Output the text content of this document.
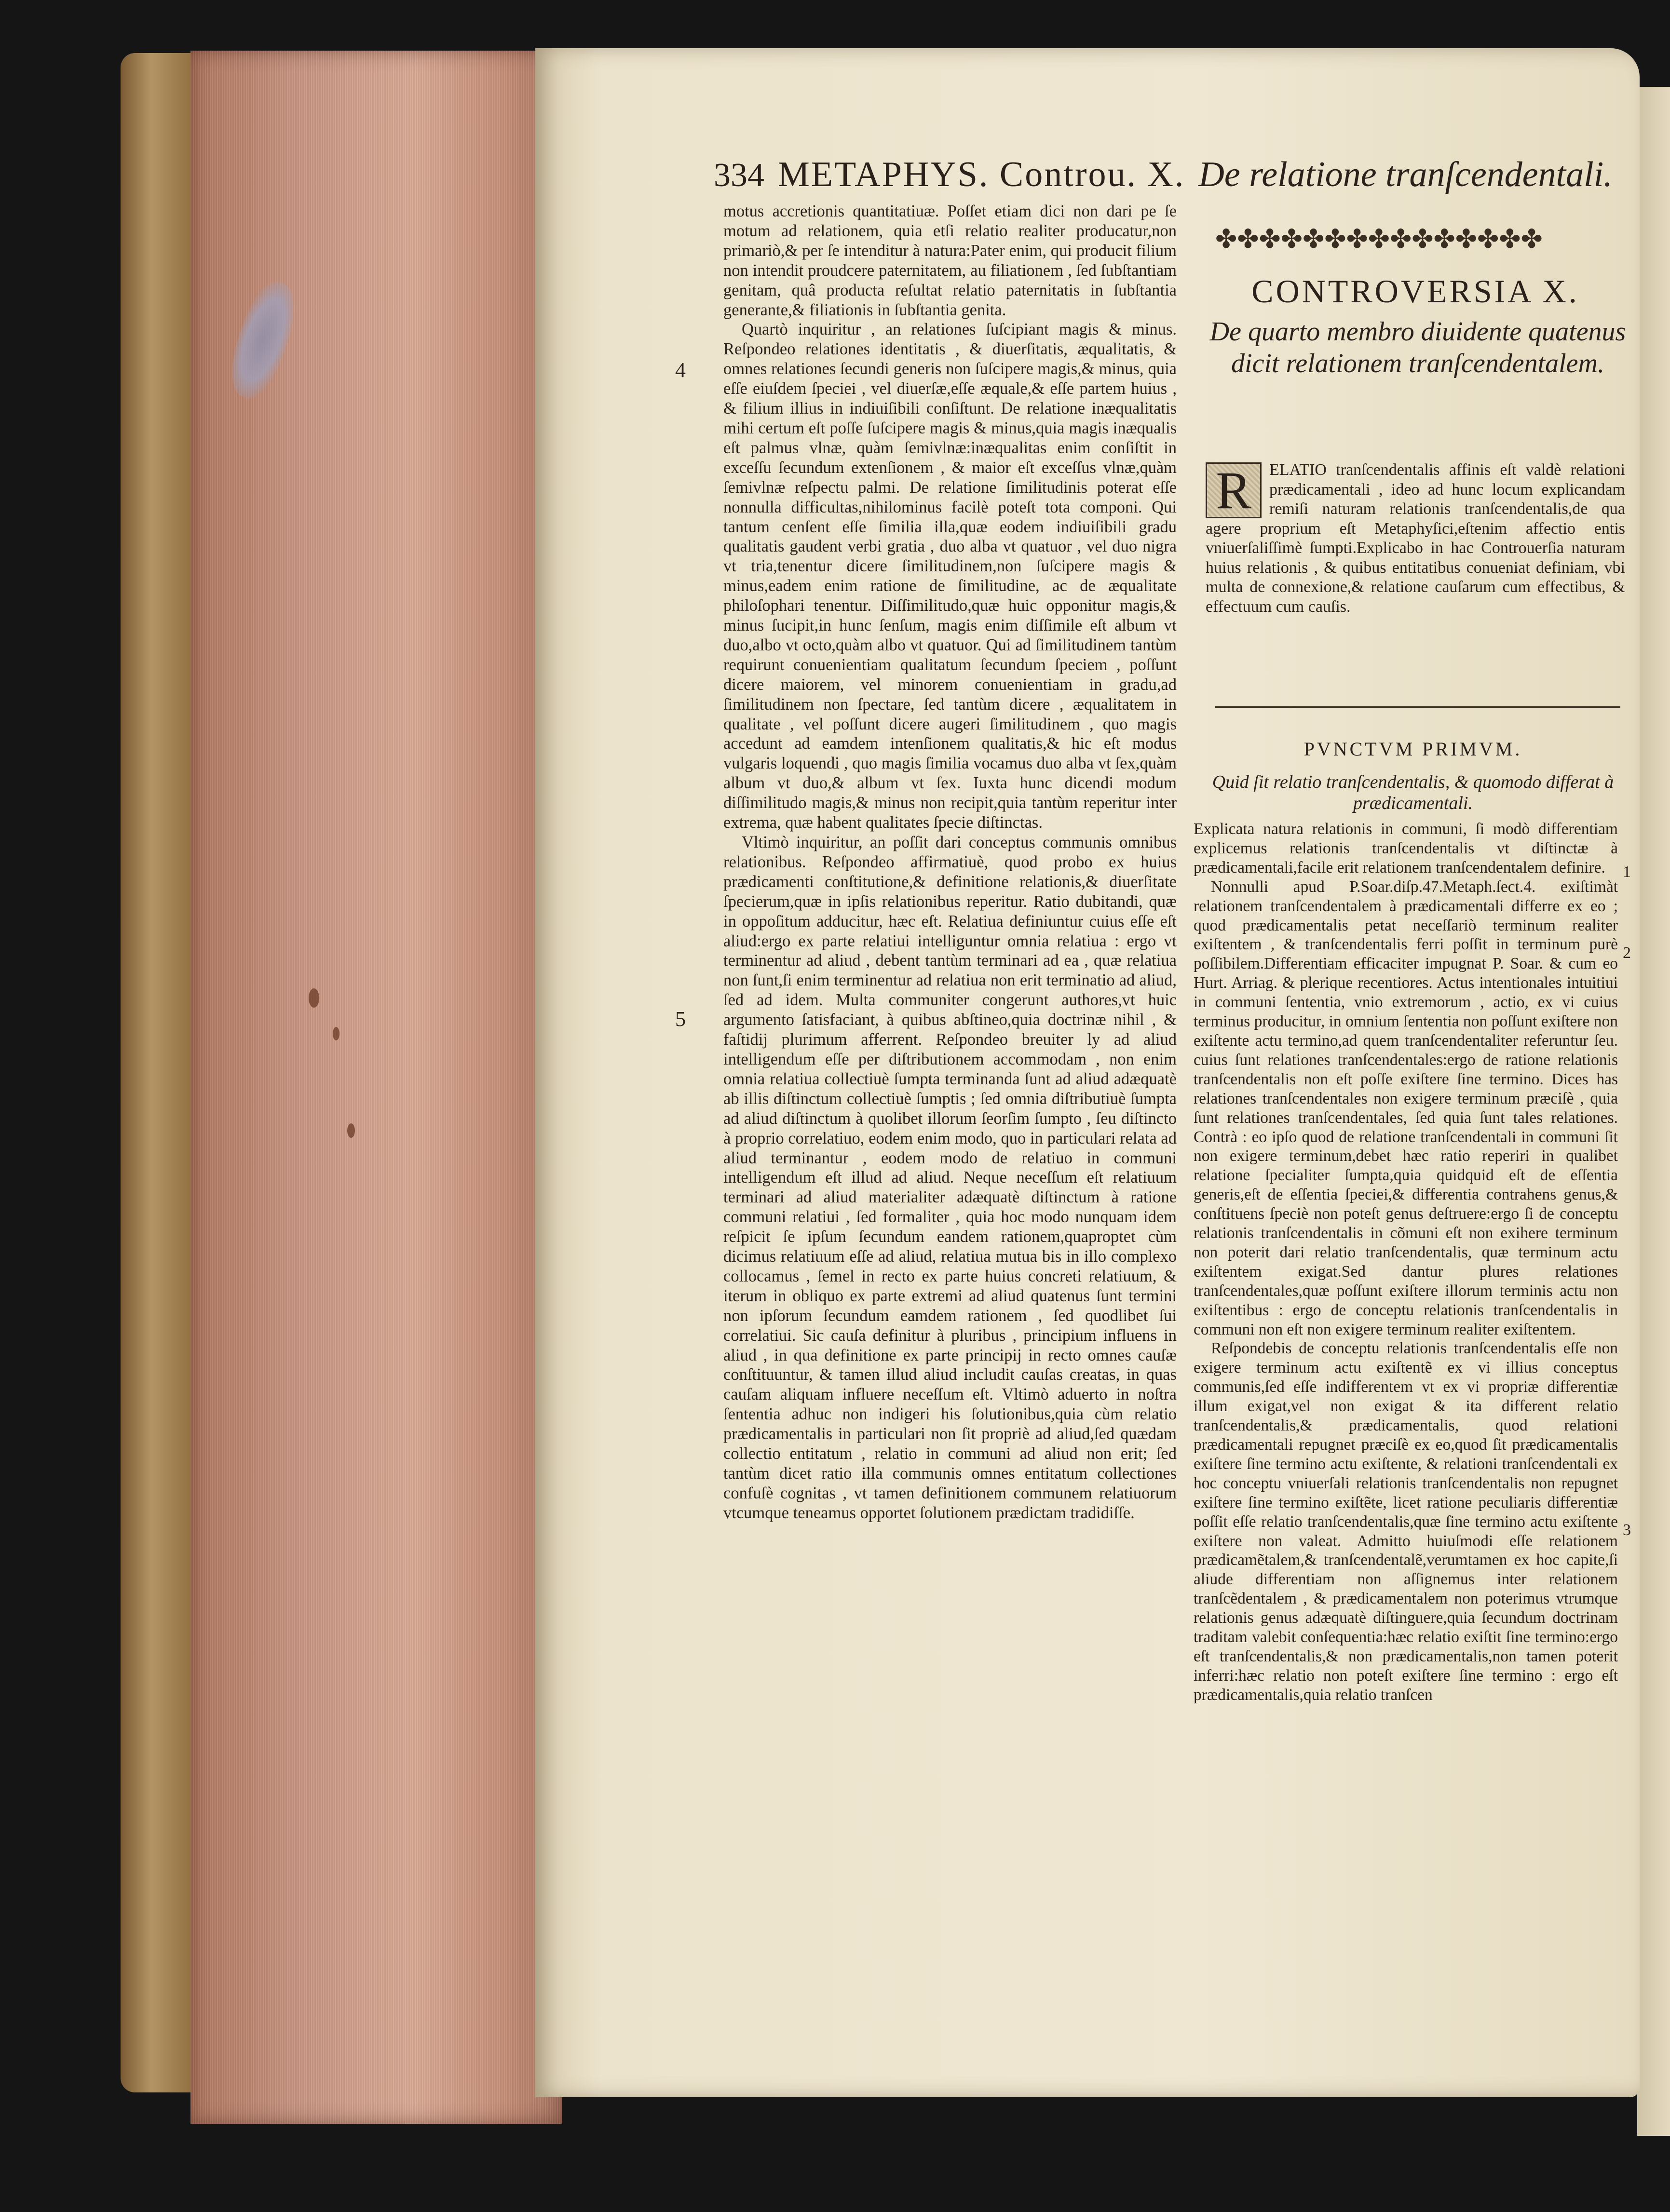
334 METAPHYS. Controu. X. De relatione tranſcendentali.

motus accretionis quantitatiuæ. Poſſet etiam dici non dari pe ſe motum ad relationem, quia etſi relatio realiter producatur,non primariò,& per ſe intenditur à natura:Pater enim, qui producit filium non intendit proudcere paternitatem, au filiationem , ſed ſubſtantiam genitam, quâ producta reſultat relatio paternitatis in ſubſtantia generante,& filiationis in ſubſtantia genita.

Quartò inquiritur , an relationes ſuſcipiant magis & minus. Reſpondeo relationes identitatis , & diuerſitatis, æqualitatis, & omnes relationes ſecundi generis non ſuſcipere magis,& minus, quia eſſe eiuſdem ſpeciei , vel diuerſæ,eſſe æquale,& eſſe partem huius , & filium illius in indiuiſibili conſiſtunt. De relatione inæqualitatis mihi certum eſt poſſe ſuſcipere magis & minus,quia magis inæqualis eſt palmus vlnæ, quàm ſemivlnæ:inæqualitas enim conſiſtit in exceſſu ſecundum extenſionem , & maior eſt exceſſus vlnæ,quàm ſemivlnæ reſpectu palmi. De relatione ſimilitudinis poterat eſſe nonnulla difficultas,nihilominus facilè poteſt tota componi. Qui tantum cenſent eſſe ſimilia illa,quæ eodem indiuiſibili gradu qualitatis gaudent verbi gratia , duo alba vt quatuor , vel duo nigra vt tria,tenentur dicere ſimilitudinem,non ſuſcipere magis & minus,eadem enim ratione de ſimilitudine, ac de æqualitate philoſophari tenentur. Diſſimilitudo,quæ huic opponitur magis,& minus ſucipit,in hunc ſenſum, magis enim diſſimile eſt album vt duo,albo vt octo,quàm albo vt quatuor. Qui ad ſimilitudinem tantùm requirunt conuenientiam qualitatum ſecundum ſpeciem , poſſunt dicere maiorem, vel minorem conuenientiam in gradu,ad ſimilitudinem non ſpectare, ſed tantùm dicere , æqualitatem in qualitate , vel poſſunt dicere augeri ſimilitudinem , quo magis accedunt ad eamdem intenſionem qualitatis,& hic eſt modus vulgaris loquendi , quo magis ſimilia vocamus duo alba vt ſex,quàm album vt duo,& album vt ſex. Iuxta hunc dicendi modum diſſimilitudo magis,& minus non recipit,quia tantùm reperitur inter extrema, quæ habent qualitates ſpecie diſtinctas.

Vltimò inquiritur, an poſſit dari conceptus communis omnibus relationibus. Reſpondeo affirmatiuè, quod probo ex huius prædicamenti conſtitutione,& definitione relationis,& diuerſitate ſpecierum,quæ in ipſis relationibus reperitur. Ratio dubitandi, quæ in oppoſitum adducitur, hæc eſt. Relatiua definiuntur cuius eſſe eſt aliud:ergo ex parte relatiui intelliguntur omnia relatiua : ergo vt terminentur ad aliud , debent tantùm terminari ad ea , quæ relatiua non ſunt,ſi enim terminentur ad relatiua non erit terminatio ad aliud, ſed ad idem. Multa communiter congerunt authores,vt huic argumento ſatisfaciant, à quibus abſtineo,quia doctrinæ nihil , & faſtidij plurimum afferrent. Reſpondeo breuiter ly ad aliud intelligendum eſſe per diſtributionem accommodam , non enim omnia relatiua collectiuè ſumpta terminanda ſunt ad aliud adæquatè ab illis diſtinctum collectiuè ſumptis ; ſed omnia diſtributiuè ſumpta ad aliud diſtinctum à quolibet illorum ſeorſim ſumpto , ſeu diſtincto à proprio correlatiuo, eodem enim modo, quo in particulari relata ad aliud terminantur , eodem modo de relatiuo in communi intelligendum eſt illud ad aliud. Neque neceſſum eſt relatiuum terminari ad aliud materialiter adæquatè diſtinctum à ratione communi relatiui , ſed formaliter , quia hoc modo nunquam idem reſpicit ſe ipſum ſecundum eandem rationem,quaproptet cùm dicimus relatiuum eſſe ad aliud, relatiua mutua bis in illo complexo collocamus , ſemel in recto ex parte huius concreti relatiuum, & iterum in obliquo ex parte extremi ad aliud quatenus ſunt termini non ipſorum ſecundum eamdem rationem , ſed quodlibet ſui correlatiui. Sic cauſa definitur à pluribus , principium influens in aliud , in qua definitione ex parte principij in recto omnes cauſæ conſtituuntur, & tamen illud aliud includit cauſas creatas, in quas cauſam aliquam influere neceſſum eſt. Vltimò aduerto in noſtra ſententia adhuc non indigeri his ſolutionibus,quia cùm relatio prædicamentalis in particulari non ſit propriè ad aliud,ſed quædam collectio entitatum , relatio in communi ad aliud non erit; ſed tantùm dicet ratio illa communis omnes entitatum collectiones confuſè cognitas , vt tamen definitionem communem relatiuorum vtcumque teneamus opportet ſolutionem prædictam tradidiſſe.

4
5
✤✤✤✤✤✤✤✤✤✤✤✤✤✤✤
CONTROVERSIA X.
De quarto membro diuidente quatenus dicit relationem tranſcendentalem.
R	ELATIO tranſcendentalis affinis eſt valdè relationi prædicamentali , ideo ad hunc locum explicandam remiſi naturam relationis tranſcendentalis,de qua agere proprium eſt Metaphyſici,eſtenim affectio entis vniuerſaliſſimè ſumpti.Explicabo in hac Controuerſia naturam huius relationis , & quibus entitatibus conueniat definiam, vbi multa de connexione,& relatione cauſarum cum effectibus, & effectuum cum cauſis.
PVNCTVM PRIMVM.
Quid ſit relatio tranſcendentalis, & quomodo differat à prædicamentali.

Explicata natura relationis in communi, ſi modò differentiam explicemus relationis tranſcendentalis vt diſtinctæ à prædicamentali,facile erit relationem tranſcendentalem definire.

Nonnulli apud P.Soar.diſp.47.Metaph.ſect.4. exiſtimàt relationem tranſcendentalem à prædicamentali differre ex eo ; quod prædicamentalis petat neceſſariò terminum realiter exiſtentem , & tranſcendentalis ferri poſſit in terminum purè poſſibilem.Differentiam efficaciter impugnat P. Soar. & cum eo Hurt. Arriag. & plerique recentiores. Actus intentionales intuitiui in communi ſententia, vnio extremorum , actio, ex vi cuius terminus producitur, in omnium ſententia non poſſunt exiſtere non exiſtente actu termino,ad quem tranſcendentaliter referuntur ſeu. cuius ſunt relationes tranſcendentales:ergo de ratione relationis tranſcendentalis non eſt poſſe exiſtere ſine termino. Dices has relationes tranſcendentales non exigere terminum præciſè , quia ſunt relationes tranſcendentales, ſed quia ſunt tales relationes. Contrà : eo ipſo quod de relatione tranſcendentali in communi ſit non exigere terminum,debet hæc ratio reperiri in qualibet relatione ſpecialiter ſumpta,quia quidquid eſt de eſſentia generis,eſt de eſſentia ſpeciei,& differentia contrahens genus,& conſtituens ſpeciè non poteſt genus deſtruere:ergo ſi de conceptu relationis tranſcendentalis in cõmuni eſt non exihere terminum non poterit dari relatio tranſcendentalis, quæ terminum actu exiſtentem exigat.Sed dantur plures relationes tranſcendentales,quæ poſſunt exiſtere illorum terminis actu non exiſtentibus : ergo de conceptu relationis tranſcendentalis in communi non eſt non exigere terminum realiter exiſtentem.

Reſpondebis de conceptu relationis tranſcendentalis eſſe non exigere terminum actu exiſtentẽ ex vi illius conceptus communis,ſed eſſe indifferentem vt ex vi propriæ differentiæ illum exigat,vel non exigat & ita different relatio tranſcendentalis,& prædicamentalis, quod relationi prædicamentali repugnet præciſè ex eo,quod ſit prædicamentalis exiſtere ſine termino actu exiſtente, & relationi tranſcendentali ex hoc conceptu vniuerſali relationis tranſcendentalis non repugnet exiſtere ſine termino exiſtẽte, licet ratione peculiaris differentiæ poſſit eſſe relatio tranſcendentalis,quæ ſine termino actu exiſtente exiſtere non valeat. Admitto huiuſmodi eſſe relationem prædicamẽtalem,& tranſcendentalẽ,verumtamen ex hoc capite,ſi aliude differentiam non aſſignemus inter relationem tranſcẽdentalem , & prædicamentalem non poterimus vtrumque relationis genus adæquatè diſtinguere,quia ſecundum doctrinam traditam valebit conſequentia:hæc relatio exiſtit ſine termino:ergo eſt tranſcendentalis,& non prædicamentalis,non tamen poterit inferri:hæc relatio non poteſt exiſtere ſine termino : ergo eſt prædicamentalis,quia relatio tranſcen

1
2
3
